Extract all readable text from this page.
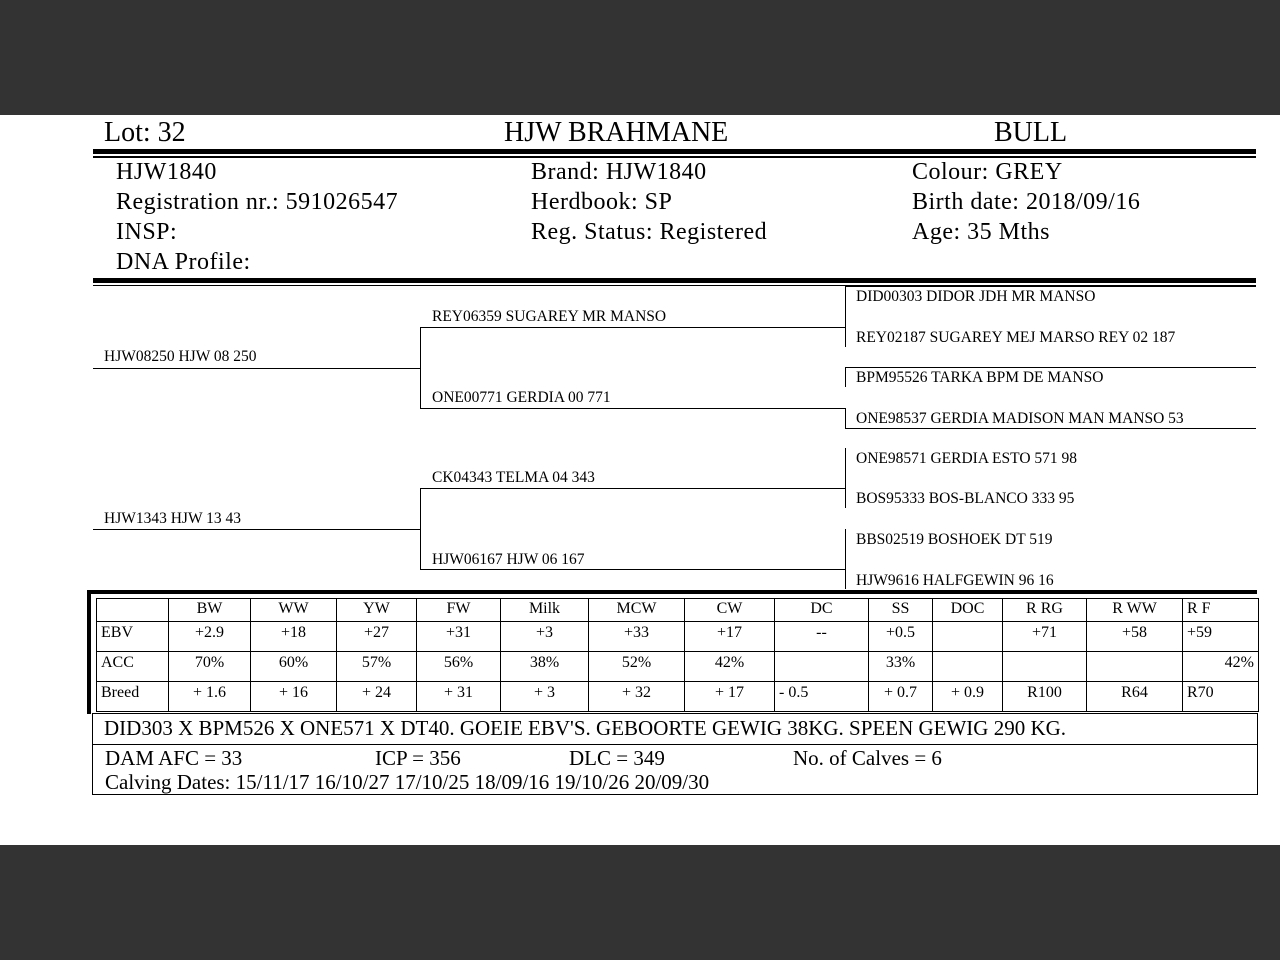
Lot: 32	HJW BRAHMANE	BULL
HJW1840
Registration nr.: 591026547
INSP:
DNA Profile:
Brand: HJW1840
Herdbook: SP
Reg. Status: Registered
Colour: GREY
Birth date: 2018/09/16
Age: 35 Mths
HJW08250 HJW 08 250
HJW1343 HJW 13 43
REY06359 SUGAREY MR MANSO
ONE00771 GERDIA 00 771
CK04343 TELMA 04 343
HJW06167 HJW 06 167
DID00303 DIDOR JDH MR MANSO
REY02187 SUGAREY MEJ MARSO REY 02 187
BPM95526 TARKA BPM DE MANSO
ONE98537 GERDIA MADISON MAN MANSO 53
ONE98571 GERDIA ESTO 571 98
BOS95333 BOS-BLANCO 333 95
BBS02519 BOSHOEK DT 519
HJW9616 HALFGEWIN 96 16
	BW	WW	YW	FW	Milk	MCW	CW	DC	SS	DOC	R RG	R WW	R F
EBV	+2.9	+18	+27	+31	+3	+33	+17	--	+0.5		+71	+58	+59
ACC	70%	60%	57%	56%	38%	52%	42%		33%				42%
Breed	+ 1.6	+ 16	+ 24	+ 31	+ 3	+ 32	+ 17	- 0.5	+ 0.7	+ 0.9	R100	R64	R70
DID303 X BPM526 X ONE571 X DT40. GOEIE EBV'S. GEBOORTE GEWIG 38KG. SPEEN GEWIG 290 KG.
DAM AFC = 33	ICP = 356	DLC = 349	No. of Calves = 6
Calving Dates: 15/11/17 16/10/27 17/10/25 18/09/16 19/10/26 20/09/30
